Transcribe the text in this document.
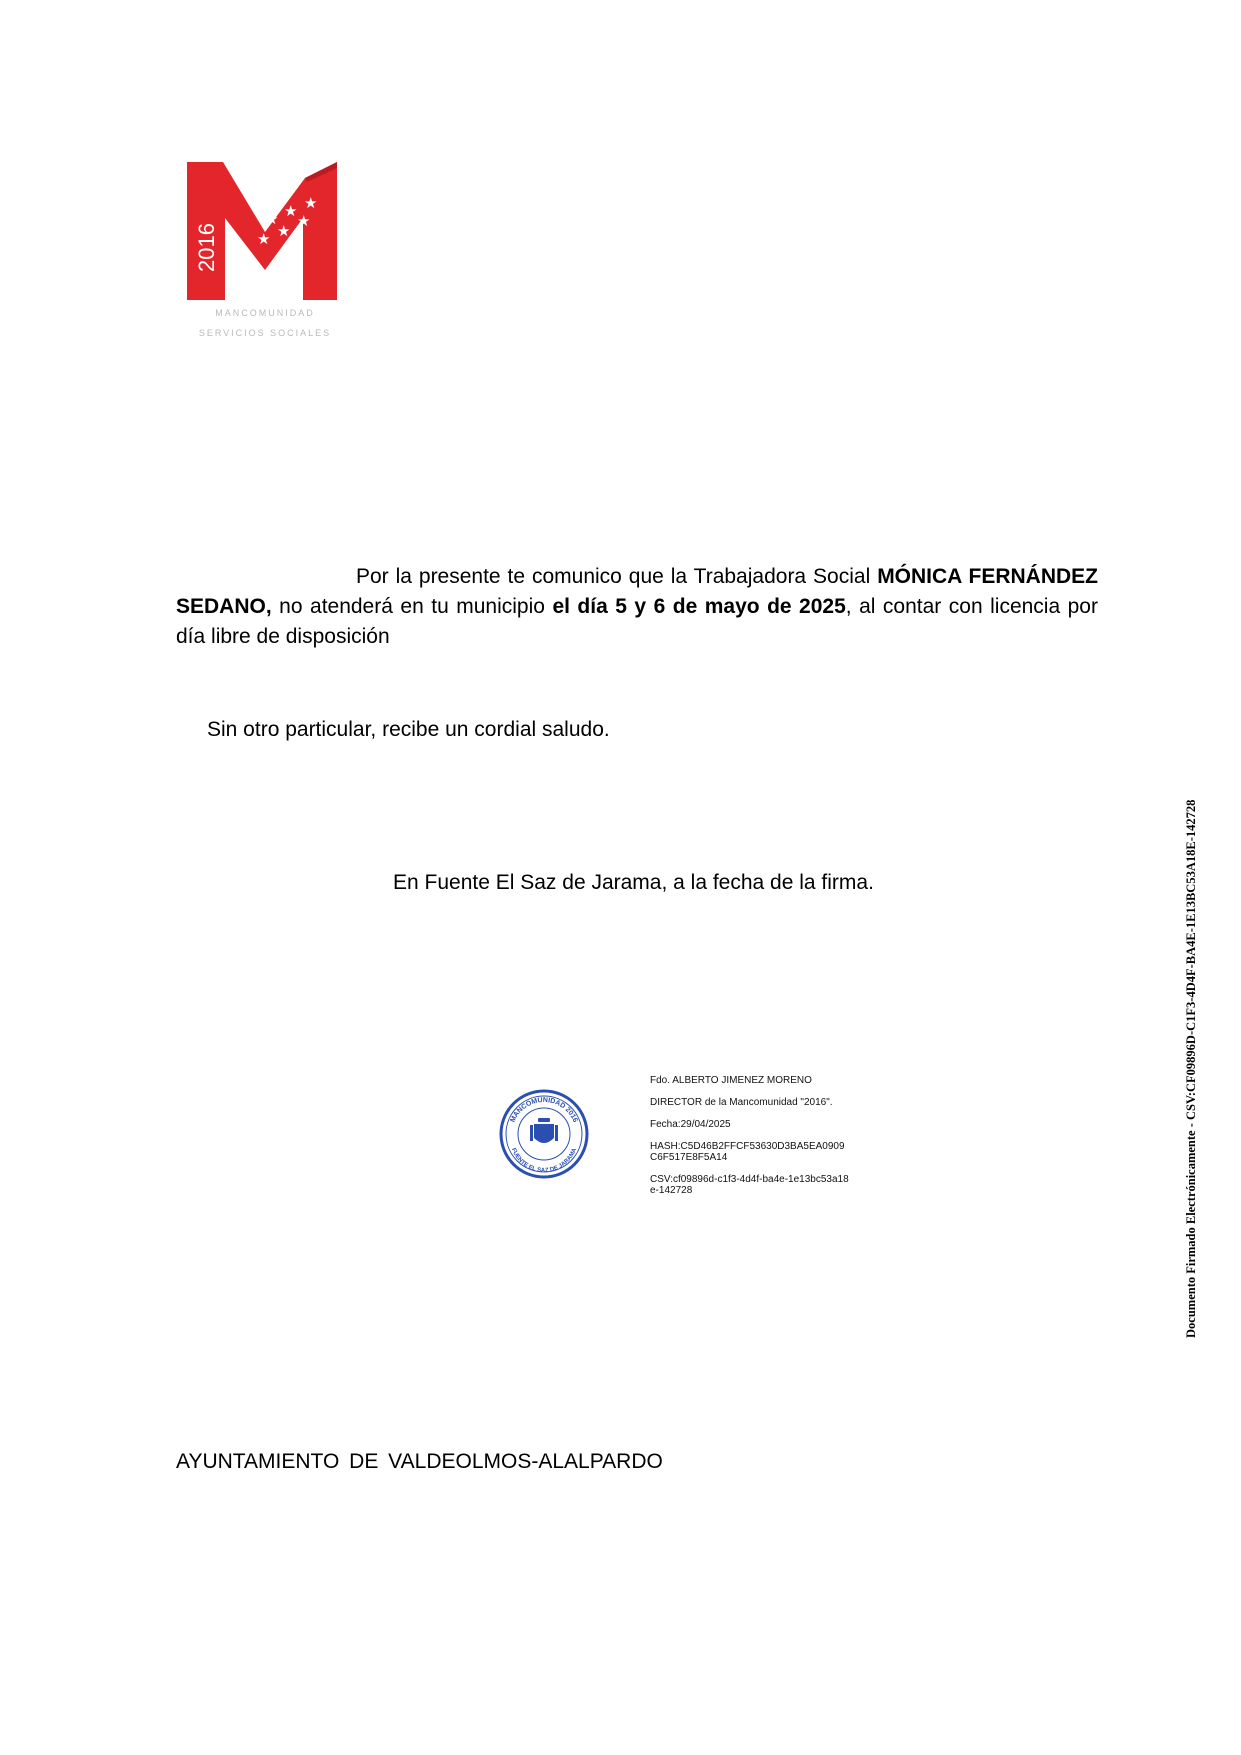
2016
★
★
★ ★
★
★ ★
MANCOMUNIDAD
SERVICIOS SOCIALES
Por la presente te comunico que la Trabajadora Social MÓNICA FERNÁNDEZ SEDANO, no atenderá en tu municipio el día 5 y 6 de mayo de 2025, al contar con licencia por día libre de disposición
Sin otro particular, recibe un cordial saludo.
En Fuente El Saz de Jarama, a la fecha de la firma.
MANCOMUNIDAD 2016
FUENTE EL SAZ DE JARAMA

Fdo. ALBERTO JIMENEZ MORENO

DIRECTOR de la Mancomunidad "2016".

Fecha:29/04/2025

HASH:C5D46B2FFCF53630D3BA5EA0909C6F517E8F5A14

CSV:cf09896d-c1f3-4d4f-ba4e-1e13bc53a18e-142728	Documento Firmado Electrónicamente - CSV:CF09896D-C1F3-4D4F-BA4E-1E13BC53A18E-142728
AYUNTAMIENTO DE VALDEOLMOS-ALALPARDO
